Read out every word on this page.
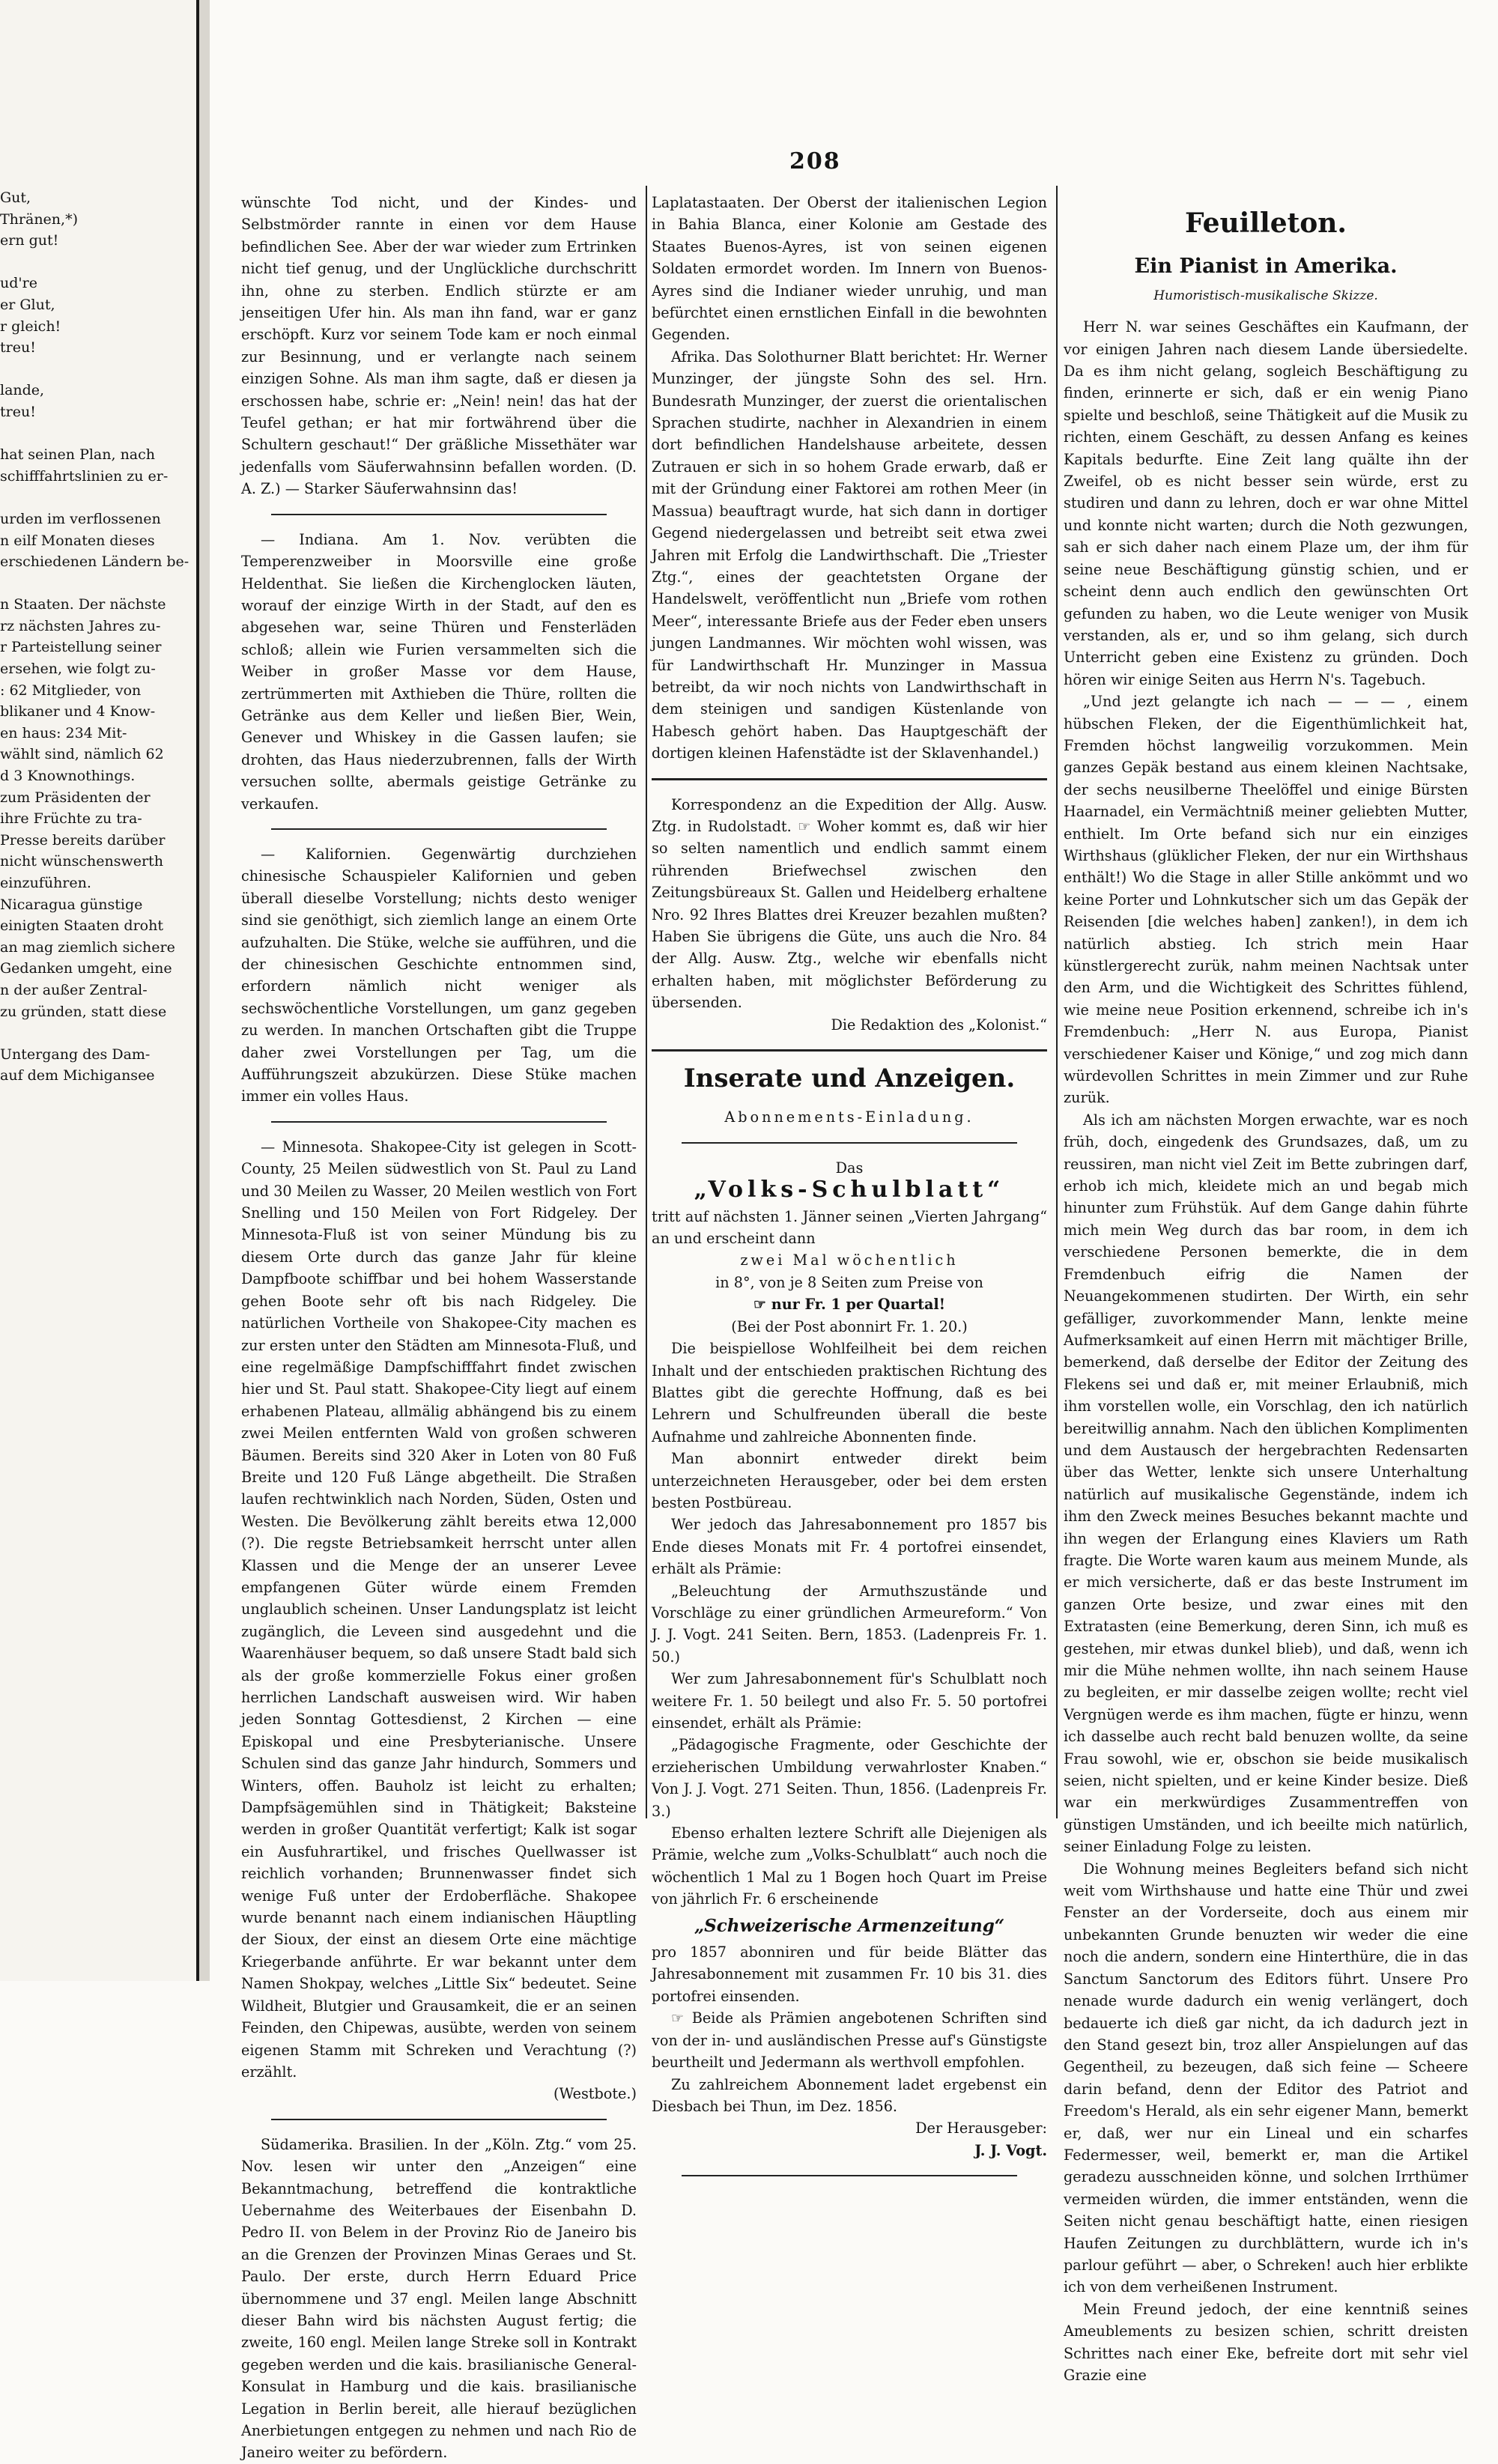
Gut,
Thränen,*)
ern gut!

ud're
er Glut,
r gleich!
treu!

lande,
treu!

hat seinen Plan, nach
schifffahrtslinien zu er-

urden im verflossenen
n eilf Monaten dieses
erschiedenen Ländern be-

n Staaten. Der nächste
rz nächsten Jahres zu-
r Parteistellung seiner
ersehen, wie folgt zu-
: 62 Mitglieder, von
blikaner und 4 Know-
en haus: 234 Mit-
wählt sind, nämlich 62
d 3 Knownothings.
zum Präsidenten der
ihre Früchte zu tra-
Presse bereits darüber
nicht wünschenswerth
einzuführen.
Nicaragua günstige
einigten Staaten droht
an mag ziemlich sichere
Gedanken umgeht, eine
n der außer Zentral-
zu gründen, statt diese

Untergang des Dam-
auf dem Michigansee

208

wünschte Tod nicht, und der Kindes- und Selbstmörder rannte in einen vor dem Hause befindlichen See. Aber der war wieder zum Ertrinken nicht tief genug, und der Unglückliche durchschritt ihn, ohne zu sterben. Endlich stürzte er am jenseitigen Ufer hin. Als man ihn fand, war er ganz erschöpft. Kurz vor seinem Tode kam er noch einmal zur Besinnung, und er verlangte nach seinem einzigen Sohne. Als man ihm sagte, daß er diesen ja erschossen habe, schrie er: „Nein! nein! das hat der Teufel gethan; er hat mir fortwährend über die Schultern geschaut!“ Der gräßliche Missethäter war jedenfalls vom Säuferwahnsinn befallen worden. (D. A. Z.) — Starker Säuferwahnsinn das!

— Indiana. Am 1. Nov. verübten die Temperenzweiber in Moorsville eine große Heldenthat. Sie ließen die Kirchenglocken läuten, worauf der einzige Wirth in der Stadt, auf den es abgesehen war, seine Thüren und Fensterläden schloß; allein wie Furien versammelten sich die Weiber in großer Masse vor dem Hause, zertrümmerten mit Axthieben die Thüre, rollten die Getränke aus dem Keller und ließen Bier, Wein, Genever und Whiskey in die Gassen laufen; sie drohten, das Haus niederzubrennen, falls der Wirth versuchen sollte, abermals geistige Getränke zu verkaufen.

— Kalifornien. Gegenwärtig durchziehen chinesische Schauspieler Kalifornien und geben überall dieselbe Vorstellung; nichts desto weniger sind sie genöthigt, sich ziemlich lange an einem Orte aufzuhalten. Die Stüke, welche sie aufführen, und die der chinesischen Geschichte entnommen sind, erfordern nämlich nicht weniger als sechswöchentliche Vorstellungen, um ganz gegeben zu werden. In manchen Ortschaften gibt die Truppe daher zwei Vorstellungen per Tag, um die Aufführungszeit abzukürzen. Diese Stüke machen immer ein volles Haus.

— Minnesota. Shakopee-City ist gelegen in Scott-County, 25 Meilen südwestlich von St. Paul zu Land und 30 Meilen zu Wasser, 20 Meilen westlich von Fort Snelling und 150 Meilen von Fort Ridgeley. Der Minnesota-Fluß ist von seiner Mündung bis zu diesem Orte durch das ganze Jahr für kleine Dampfboote schiffbar und bei hohem Wasserstande gehen Boote sehr oft bis nach Ridgeley. Die natürlichen Vortheile von Shakopee-City machen es zur ersten unter den Städten am Minnesota-Fluß, und eine regelmäßige Dampfschifffahrt findet zwischen hier und St. Paul statt. Shakopee-City liegt auf einem erhabenen Plateau, allmälig abhängend bis zu einem zwei Meilen entfernten Wald von großen schweren Bäumen. Bereits sind 320 Aker in Loten von 80 Fuß Breite und 120 Fuß Länge abgetheilt. Die Straßen laufen rechtwinklich nach Norden, Süden, Osten und Westen. Die Bevölkerung zählt bereits etwa 12,000 (?). Die regste Betriebsamkeit herrscht unter allen Klassen und die Menge der an unserer Levee empfangenen Güter würde einem Fremden unglaublich scheinen. Unser Landungsplatz ist leicht zugänglich, die Leveen sind ausgedehnt und die Waarenhäuser bequem, so daß unsere Stadt bald sich als der große kommerzielle Fokus einer großen herrlichen Landschaft ausweisen wird. Wir haben jeden Sonntag Gottesdienst, 2 Kirchen — eine Episkopal und eine Presbyterianische. Unsere Schulen sind das ganze Jahr hindurch, Sommers und Winters, offen. Bauholz ist leicht zu erhalten; Dampfsägemühlen sind in Thätigkeit; Baksteine werden in großer Quantität verfertigt; Kalk ist sogar ein Ausfuhrartikel, und frisches Quellwasser ist reichlich vorhanden; Brunnenwasser findet sich wenige Fuß unter der Erdoberfläche. Shakopee wurde benannt nach einem indianischen Häuptling der Sioux, der einst an diesem Orte eine mächtige Kriegerbande anführte. Er war bekannt unter dem Namen Shokpay, welches „Little Six“ bedeutet. Seine Wildheit, Blutgier und Grausamkeit, die er an seinen Feinden, den Chipewas, ausübte, werden von seinem eigenen Stamm mit Schreken und Verachtung (?) erzählt.

(Westbote.)

Südamerika. Brasilien. In der „Köln. Ztg.“ vom 25. Nov. lesen wir unter den „Anzeigen“ eine Bekanntmachung, betreffend die kontraktliche Uebernahme des Weiterbaues der Eisenbahn D. Pedro II. von Belem in der Provinz Rio de Janeiro bis an die Grenzen der Provinzen Minas Geraes und St. Paulo. Der erste, durch Herrn Eduard Price übernommene und 37 engl. Meilen lange Abschnitt dieser Bahn wird bis nächsten August fertig; die zweite, 160 engl. Meilen lange Streke soll in Kontrakt gegeben werden und die kais. brasilianische General-Konsulat in Hamburg und die kais. brasilianische Legation in Berlin bereit, alle hierauf bezüglichen Anerbietungen entgegen zu nehmen und nach Rio de Janeiro weiter zu befördern.

Laplatastaaten. Der Oberst der italienischen Legion in Bahia Blanca, einer Kolonie am Gestade des Staates Buenos-Ayres, ist von seinen eigenen Soldaten ermordet worden. Im Innern von Buenos-Ayres sind die Indianer wieder unruhig, und man befürchtet einen ernstlichen Einfall in die bewohnten Gegenden.

Afrika. Das Solothurner Blatt berichtet: Hr. Werner Munzinger, der jüngste Sohn des sel. Hrn. Bundesrath Munzinger, der zuerst die orientalischen Sprachen studirte, nachher in Alexandrien in einem dort befindlichen Handelshause arbeitete, dessen Zutrauen er sich in so hohem Grade erwarb, daß er mit der Gründung einer Faktorei am rothen Meer (in Massua) beauftragt wurde, hat sich dann in dortiger Gegend niedergelassen und betreibt seit etwa zwei Jahren mit Erfolg die Landwirthschaft. Die „Triester Ztg.“, eines der geachtetsten Organe der Handelswelt, veröffentlicht nun „Briefe vom rothen Meer“, interessante Briefe aus der Feder eben unsers jungen Landmannes. Wir möchten wohl wissen, was für Landwirthschaft Hr. Munzinger in Massua betreibt, da wir noch nichts von Landwirthschaft in dem steinigen und sandigen Küstenlande von Habesch gehört haben. Das Hauptgeschäft der dortigen kleinen Hafenstädte ist der Sklavenhandel.)

Korrespondenz an die Expedition der Allg. Ausw. Ztg. in Rudolstadt. ☞ Woher kommt es, daß wir hier so selten namentlich und endlich sammt einem rührenden Briefwechsel zwischen den Zeitungsbüreaux St. Gallen und Heidelberg erhaltene Nro. 92 Ihres Blattes drei Kreuzer bezahlen mußten? Haben Sie übrigens die Güte, uns auch die Nro. 84 der Allg. Ausw. Ztg., welche wir ebenfalls nicht erhalten haben, mit möglichster Beförderung zu übersenden.

Die Redaktion des „Kolonist.“
Inserate und Anzeigen.
Abonnements-Einladung.
Das
„Volks-Schulblatt“

tritt auf nächsten 1. Jänner seinen „Vierten Jahrgang“ an und erscheint dann

zwei Mal wöchentlich
in 8°, von je 8 Seiten zum Preise von
☞ nur Fr. 1 per Quartal!
(Bei der Post abonnirt Fr. 1. 20.)

Die beispiellose Wohlfeilheit bei dem reichen Inhalt und der entschieden praktischen Richtung des Blattes gibt die gerechte Hoffnung, daß es bei Lehrern und Schulfreunden überall die beste Aufnahme und zahlreiche Abonnenten finde.

Man abonnirt entweder direkt beim unterzeichneten Herausgeber, oder bei dem ersten besten Postbüreau.

Wer jedoch das Jahresabonnement pro 1857 bis Ende dieses Monats mit Fr. 4 portofrei einsendet, erhält als Prämie:

„Beleuchtung der Armuthszustände und Vorschläge zu einer gründlichen Armeureform.“ Von J. J. Vogt. 241 Seiten. Bern, 1853. (Ladenpreis Fr. 1. 50.)

Wer zum Jahresabonnement für's Schulblatt noch weitere Fr. 1. 50 beilegt und also Fr. 5. 50 portofrei einsendet, erhält als Prämie:

„Pädagogische Fragmente, oder Geschichte der erzieherischen Umbildung verwahrloster Knaben.“ Von J. J. Vogt. 271 Seiten. Thun, 1856. (Ladenpreis Fr. 3.)

Ebenso erhalten leztere Schrift alle Diejenigen als Prämie, welche zum „Volks-Schulblatt“ auch noch die wöchentlich 1 Mal zu 1 Bogen hoch Quart im Preise von jährlich Fr. 6 erscheinende

„Schweizerische Armenzeitung“

pro 1857 abonniren und für beide Blätter das Jahresabonnement mit zusammen Fr. 10 bis 31. dies portofrei einsenden.

☞ Beide als Prämien angebotenen Schriften sind von der in- und ausländischen Presse auf's Günstigste beurtheilt und Jedermann als werthvoll empfohlen.

Zu zahlreichem Abonnement ladet ergebenst ein Diesbach bei Thun, im Dez. 1856.

Der Herausgeber:
J. J. Vogt.
Feuilleton.
Ein Pianist in Amerika.
Humoristisch-musikalische Skizze.

Herr N. war seines Geschäftes ein Kaufmann, der vor einigen Jahren nach diesem Lande übersiedelte. Da es ihm nicht gelang, sogleich Beschäftigung zu finden, erinnerte er sich, daß er ein wenig Piano spielte und beschloß, seine Thätigkeit auf die Musik zu richten, einem Geschäft, zu dessen Anfang es keines Kapitals bedurfte. Eine Zeit lang quälte ihn der Zweifel, ob es nicht besser sein würde, erst zu studiren und dann zu lehren, doch er war ohne Mittel und konnte nicht warten; durch die Noth gezwungen, sah er sich daher nach einem Plaze um, der ihm für seine neue Beschäftigung günstig schien, und er scheint denn auch endlich den gewünschten Ort gefunden zu haben, wo die Leute weniger von Musik verstanden, als er, und so ihm gelang, sich durch Unterricht geben eine Existenz zu gründen. Doch hören wir einige Seiten aus Herrn N's. Tagebuch.

„Und jezt gelangte ich nach — — — , einem hübschen Fleken, der die Eigenthümlichkeit hat, Fremden höchst langweilig vorzukommen. Mein ganzes Gepäk bestand aus einem kleinen Nachtsake, der sechs neusilberne Theelöffel und einige Bürsten Haarnadel, ein Vermächtniß meiner geliebten Mutter, enthielt. Im Orte befand sich nur ein einziges Wirthshaus (glüklicher Fleken, der nur ein Wirthshaus enthält!) Wo die Stage in aller Stille ankömmt und wo keine Porter und Lohnkutscher sich um das Gepäk der Reisenden [die welches haben] zanken!), in dem ich natürlich abstieg. Ich strich mein Haar künstlergerecht zurük, nahm meinen Nachtsak unter den Arm, und die Wichtigkeit des Schrittes fühlend, wie meine neue Position erkennend, schreibe ich in's Fremdenbuch: „Herr N. aus Europa, Pianist verschiedener Kaiser und Könige,“ und zog mich dann würdevollen Schrittes in mein Zimmer und zur Ruhe zurük.

Als ich am nächsten Morgen erwachte, war es noch früh, doch, eingedenk des Grundsazes, daß, um zu reussiren, man nicht viel Zeit im Bette zubringen darf, erhob ich mich, kleidete mich an und begab mich hinunter zum Frühstük. Auf dem Gange dahin führte mich mein Weg durch das bar room, in dem ich verschiedene Personen bemerkte, die in dem Fremdenbuch eifrig die Namen der Neuangekommenen studirten. Der Wirth, ein sehr gefälliger, zuvorkommender Mann, lenkte meine Aufmerksamkeit auf einen Herrn mit mächtiger Brille, bemerkend, daß derselbe der Editor der Zeitung des Flekens sei und daß er, mit meiner Erlaubniß, mich ihm vorstellen wolle, ein Vorschlag, den ich natürlich bereitwillig annahm. Nach den üblichen Komplimenten und dem Austausch der hergebrachten Redensarten über das Wetter, lenkte sich unsere Unterhaltung natürlich auf musikalische Gegenstände, indem ich ihm den Zweck meines Besuches bekannt machte und ihn wegen der Erlangung eines Klaviers um Rath fragte. Die Worte waren kaum aus meinem Munde, als er mich versicherte, daß er das beste Instrument im ganzen Orte besize, und zwar eines mit den Extratasten (eine Bemerkung, deren Sinn, ich muß es gestehen, mir etwas dunkel blieb), und daß, wenn ich mir die Mühe nehmen wollte, ihn nach seinem Hause zu begleiten, er mir dasselbe zeigen wollte; recht viel Vergnügen werde es ihm machen, fügte er hinzu, wenn ich dasselbe auch recht bald benuzen wollte, da seine Frau sowohl, wie er, obschon sie beide musikalisch seien, nicht spielten, und er keine Kinder besize. Dieß war ein merkwürdiges Zusammentreffen von günstigen Umständen, und ich beeilte mich natürlich, seiner Einladung Folge zu leisten.

Die Wohnung meines Begleiters befand sich nicht weit vom Wirthshause und hatte eine Thür und zwei Fenster an der Vorderseite, doch aus einem mir unbekannten Grunde benuzten wir weder die eine noch die andern, sondern eine Hinterthüre, die in das Sanctum Sanctorum des Editors führt. Unsere Pro nenade wurde dadurch ein wenig verlängert, doch bedauerte ich dieß gar nicht, da ich dadurch jezt in den Stand gesezt bin, troz aller Anspielungen auf das Gegentheil, zu bezeugen, daß sich feine — Scheere darin befand, denn der Editor des Patriot and Freedom's Herald, als ein sehr eigener Mann, bemerkt er, daß, wer nur ein Lineal und ein scharfes Federmesser, weil, bemerkt er, man die Artikel geradezu ausschneiden könne, und solchen Irrthümer vermeiden würden, die immer entständen, wenn die Seiten nicht genau beschäftigt hatte, einen riesigen Haufen Zeitungen zu durchblättern, wurde ich in's parlour geführt — aber, o Schreken! auch hier erblikte ich von dem verheißenen Instrument.

Mein Freund jedoch, der eine kenntniß seines Ameublements zu besizen schien, schritt dreisten Schrittes nach einer Eke, befreite dort mit sehr viel Grazie eine
